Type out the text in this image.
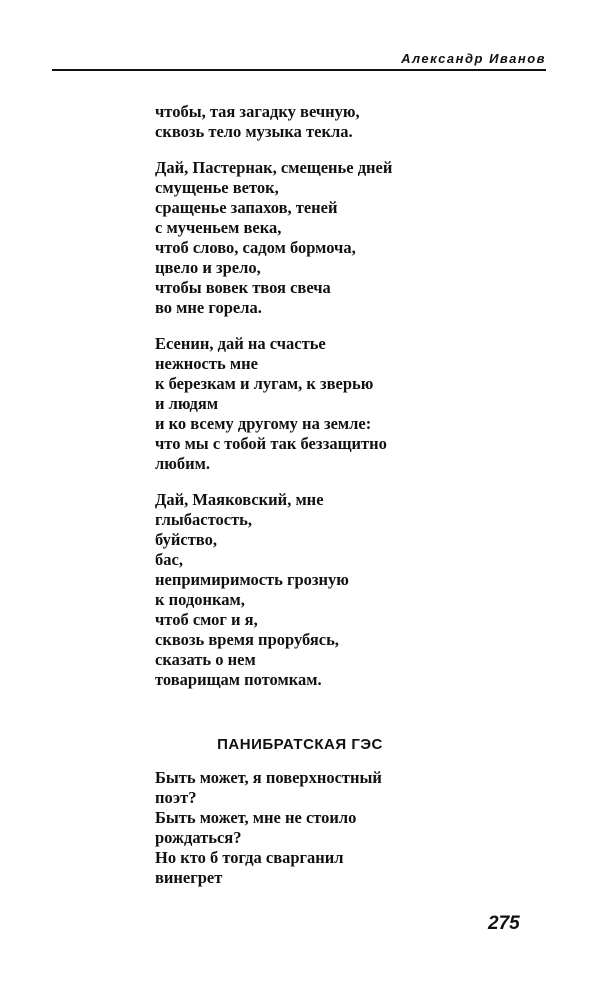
Александр Иванов
чтобы, тая загадку вечную,
сквозь тело музыка текла.
Дай, Пастернак, смещенье дней
смущенье веток,
сращенье запахов, теней
с мученьем века,
чтоб слово, садом бормоча,
цвело и зрело,
чтобы вовек твоя свеча
во мне горела.
Есенин, дай на счастье
нежность мне
к березкам и лугам, к зверью
и людям
и ко всему другому на земле:
что мы с тобой так беззащитно
любим.
Дай, Маяковский, мне
глыбастость,
буйство,
бас,
непримиримость грозную
к подонкам,
чтоб смог и я,
сквозь время прорубясь,
сказать о нем
товарищам потомкам.
ПАНИБРАТСКАЯ ГЭС
Быть может, я поверхностный
поэт?
Быть может, мне не стоило
рождаться?
Но кто б тогда сварганил
винегрет
275
